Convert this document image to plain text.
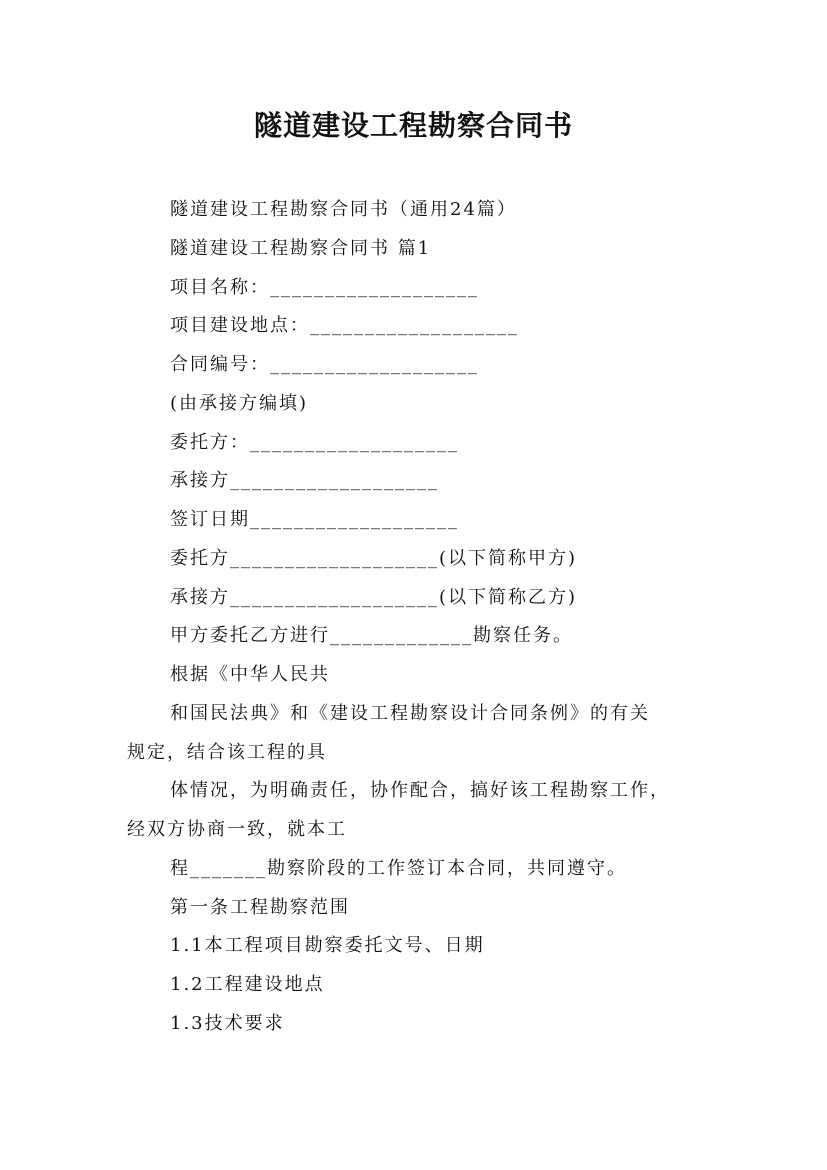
隧道建设工程勘察合同书
隧道建设工程勘察合同书（通用24篇）
隧道建设工程勘察合同书 篇1
项目名称：___________________
项目建设地点：___________________
合同编号：___________________
(由承接方编填)
委托方：___________________
承接方___________________
签订日期___________________
委托方___________________(以下简称甲方)
承接方___________________(以下简称乙方)
甲方委托乙方进行_____________勘察任务。
根据《中华人民共
和国民法典》和《建设工程勘察设计合同条例》的有关
规定，结合该工程的具
体情况，为明确责任，协作配合，搞好该工程勘察工作，
经双方协商一致，就本工
程_______勘察阶段的工作签订本合同，共同遵守。
第一条工程勘察范围
1.1本工程项目勘察委托文号、日期
1.2工程建设地点
1.3技术要求
